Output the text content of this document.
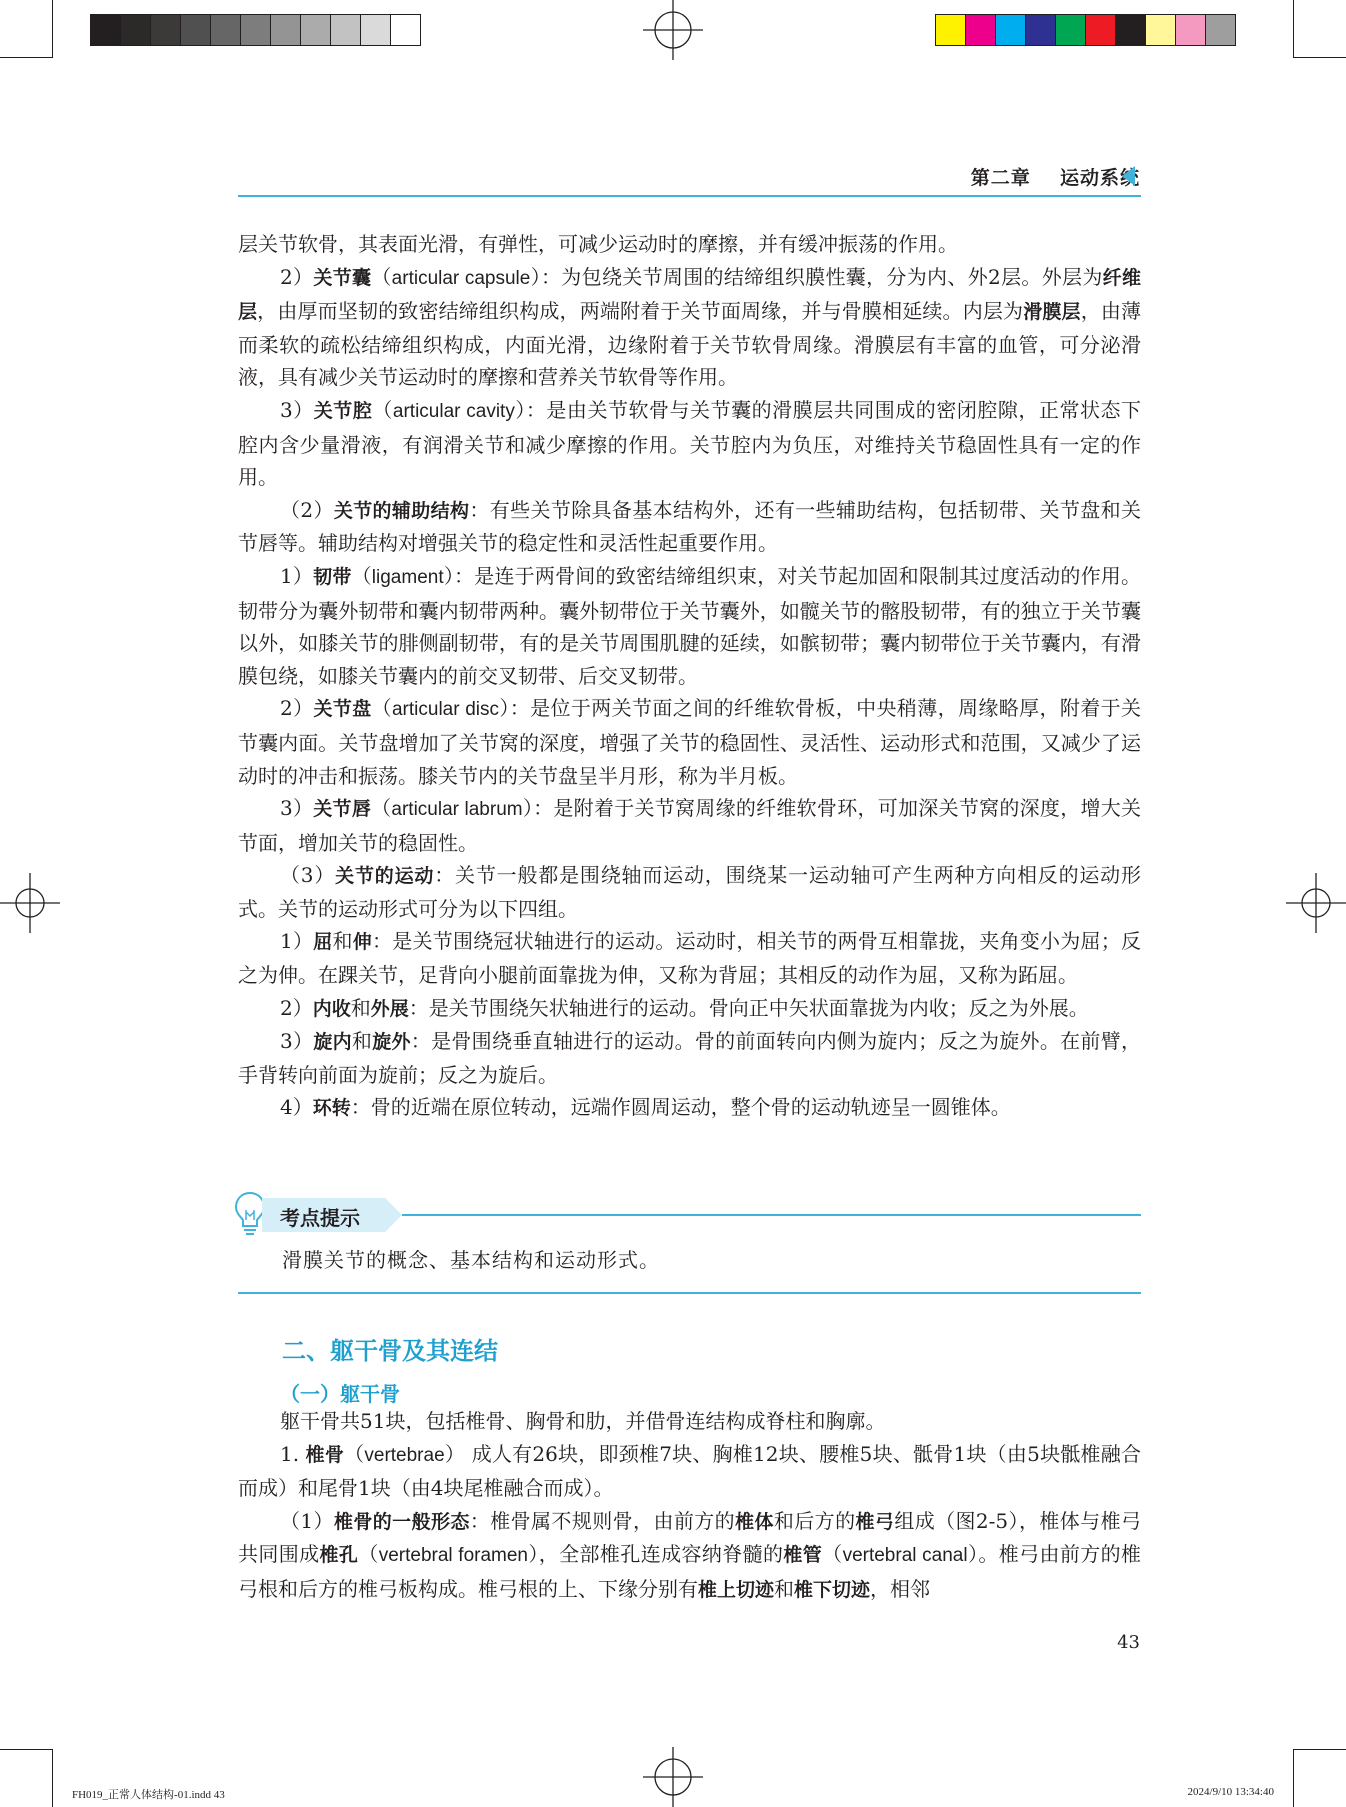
第二章 运动系统

层关节软骨，其表面光滑，有弹性，可减少运动时的摩擦，并有缓冲振荡的作用。

2）关节囊（articular capsule）：为包绕关节周围的结缔组织膜性囊，分为内、外2层。外层为纤维层，由厚而坚韧的致密结缔组织构成，两端附着于关节面周缘，并与骨膜相延续。内层为滑膜层，由薄而柔软的疏松结缔组织构成，内面光滑，边缘附着于关节软骨周缘。滑膜层有丰富的血管，可分泌滑液，具有减少关节运动时的摩擦和营养关节软骨等作用。

3）关节腔（articular cavity）：是由关节软骨与关节囊的滑膜层共同围成的密闭腔隙，正常状态下腔内含少量滑液，有润滑关节和减少摩擦的作用。关节腔内为负压，对维持关节稳固性具有一定的作用。

（2）关节的辅助结构：有些关节除具备基本结构外，还有一些辅助结构，包括韧带、关节盘和关节唇等。辅助结构对增强关节的稳定性和灵活性起重要作用。

1）韧带（ligament）：是连于两骨间的致密结缔组织束，对关节起加固和限制其过度活动的作用。韧带分为囊外韧带和囊内韧带两种。囊外韧带位于关节囊外，如髋关节的髂股韧带，有的独立于关节囊以外，如膝关节的腓侧副韧带，有的是关节周围肌腱的延续，如髌韧带；囊内韧带位于关节囊内，有滑膜包绕，如膝关节囊内的前交叉韧带、后交叉韧带。

2）关节盘（articular disc）：是位于两关节面之间的纤维软骨板，中央稍薄，周缘略厚，附着于关节囊内面。关节盘增加了关节窝的深度，增强了关节的稳固性、灵活性、运动形式和范围，又减少了运动时的冲击和振荡。膝关节内的关节盘呈半月形，称为半月板。

3）关节唇（articular labrum）：是附着于关节窝周缘的纤维软骨环，可加深关节窝的深度，增大关节面，增加关节的稳固性。

（3）关节的运动：关节一般都是围绕轴而运动，围绕某一运动轴可产生两种方向相反的运动形式。关节的运动形式可分为以下四组。

1）屈和伸：是关节围绕冠状轴进行的运动。运动时，相关节的两骨互相靠拢，夹角变小为屈；反之为伸。在踝关节，足背向小腿前面靠拢为伸，又称为背屈；其相反的动作为屈，又称为跖屈。

2）内收和外展：是关节围绕矢状轴进行的运动。骨向正中矢状面靠拢为内收；反之为外展。

3）旋内和旋外：是骨围绕垂直轴进行的运动。骨的前面转向内侧为旋内；反之为旋外。在前臂，手背转向前面为旋前；反之为旋后。

4）环转：骨的近端在原位转动，远端作圆周运动，整个骨的运动轨迹呈一圆锥体。

考点提示
滑膜关节的概念、基本结构和运动形式。
二、躯干骨及其连结
（一）躯干骨

躯干骨共51块，包括椎骨、胸骨和肋，并借骨连结构成脊柱和胸廓。

1. 椎骨（vertebrae） 成人有26块，即颈椎7块、胸椎12块、腰椎5块、骶骨1块（由5块骶椎融合而成）和尾骨1块（由4块尾椎融合而成）。

（1）椎骨的一般形态：椎骨属不规则骨，由前方的椎体和后方的椎弓组成（图2-5），椎体与椎弓共同围成椎孔（vertebral foramen），全部椎孔连成容纳脊髓的椎管（vertebral canal）。椎弓由前方的椎弓根和后方的椎弓板构成。椎弓根的上、下缘分别有椎上切迹和椎下切迹，相邻

43
FH019_正常人体结构-01.indd 43	2024/9/10 13:34:40
